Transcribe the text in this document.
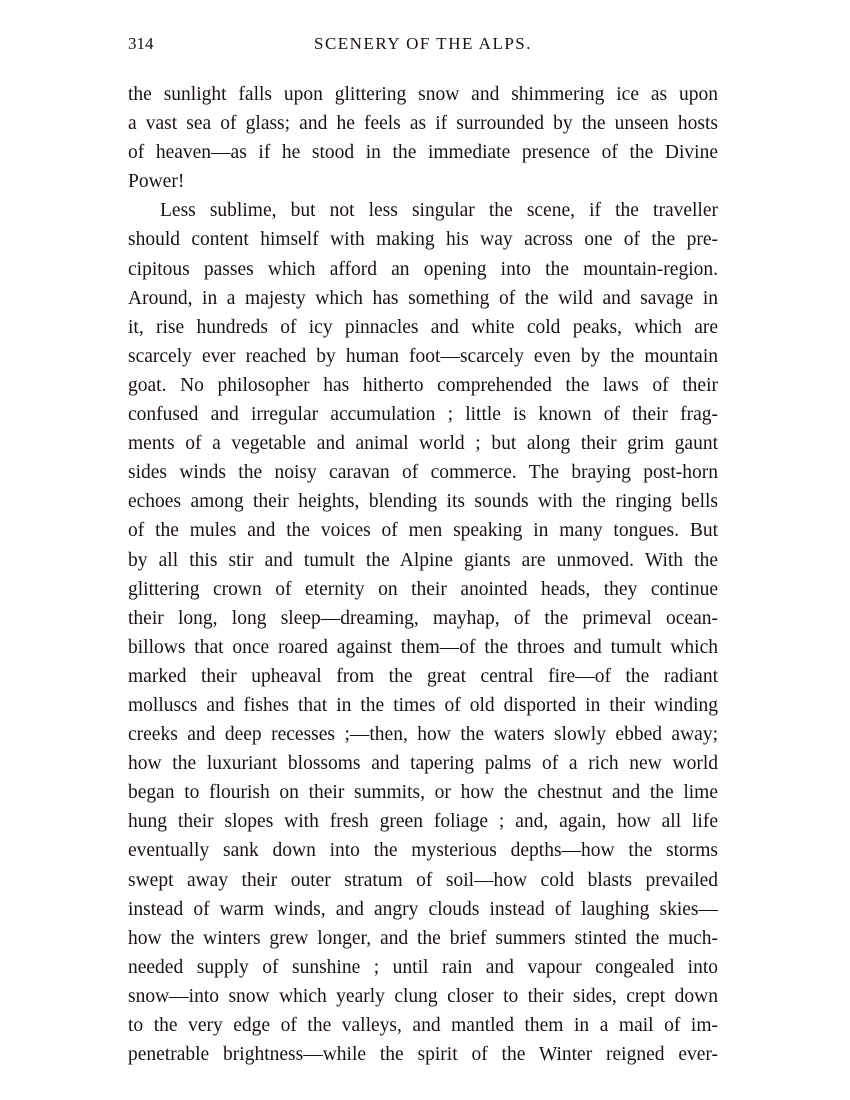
314	SCENERY OF THE ALPS.
the sunlight falls upon glittering snow and shimmering ice as upon
a vast sea of glass; and he feels as if surrounded by the unseen hosts
of heaven—as if he stood in the immediate presence of the Divine
Power!
Less sublime, but not less singular the scene, if the traveller
should content himself with making his way across one of the pre-
cipitous passes which afford an opening into the mountain-region.
Around, in a majesty which has something of the wild and savage in
it, rise hundreds of icy pinnacles and white cold peaks, which are
scarcely ever reached by human foot—scarcely even by the mountain
goat. No philosopher has hitherto comprehended the laws of their
confused and irregular accumulation ; little is known of their frag-
ments of a vegetable and animal world ; but along their grim gaunt
sides winds the noisy caravan of commerce. The braying post-horn
echoes among their heights, blending its sounds with the ringing bells
of the mules and the voices of men speaking in many tongues. But
by all this stir and tumult the Alpine giants are unmoved. With the
glittering crown of eternity on their anointed heads, they continue
their long, long sleep—dreaming, mayhap, of the primeval ocean-
billows that once roared against them—of the throes and tumult which
marked their upheaval from the great central fire—of the radiant
molluscs and fishes that in the times of old disported in their winding
creeks and deep recesses ;—then, how the waters slowly ebbed away;
how the luxuriant blossoms and tapering palms of a rich new world
began to flourish on their summits, or how the chestnut and the lime
hung their slopes with fresh green foliage ; and, again, how all life
eventually sank down into the mysterious depths—how the storms
swept away their outer stratum of soil—how cold blasts prevailed
instead of warm winds, and angry clouds instead of laughing skies—
how the winters grew longer, and the brief summers stinted the much-
needed supply of sunshine ; until rain and vapour congealed into
snow—into snow which yearly clung closer to their sides, crept down
to the very edge of the valleys, and mantled them in a mail of im-
penetrable brightness—while the spirit of the Winter reigned ever-
